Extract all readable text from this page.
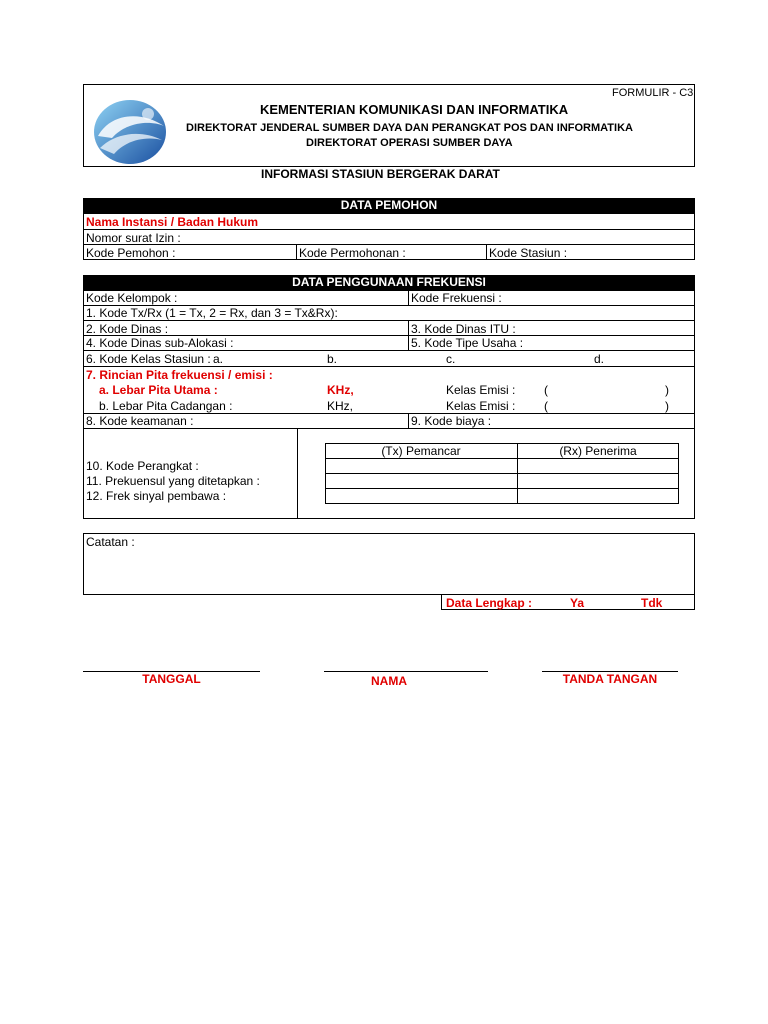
FORMULIR - C3
KEMENTERIAN KOMUNIKASI DAN INFORMATIKA
DIREKTORAT JENDERAL SUMBER DAYA DAN PERANGKAT POS DAN INFORMATIKA
DIREKTORAT OPERASI SUMBER DAYA
INFORMASI STASIUN BERGERAK DARAT
DATA PEMOHON
Nama Instansi / Badan Hukum
Nomor surat Izin :
Kode Pemohon :	Kode Permohonan :	Kode Stasiun :
DATA PENGGUNAAN FREKUENSI
Kode Kelompok :	Kode Frekuensi :
1. Kode Tx/Rx (1 = Tx, 2 = Rx, dan 3 = Tx&Rx):
2. Kode Dinas :	3. Kode Dinas ITU :
4. Kode Dinas sub-Alokasi :	5. Kode Tipe Usaha :
6. Kode Kelas Stasiun : a.	b.	c.	d.
7. Rincian Pita frekuensi / emisi :
a. Lebar Pita Utama :	KHz,	Kelas Emisi : (	)
b. Lebar Pita Cadangan :	KHz,	Kelas Emisi : (	)
8. Kode keamanan :	9. Kode biaya :
10. Kode Perangkat :
11. Prekuensul yang ditetapkan :
12. Frek sinyal pembawa :
(Tx) Pemancar	(Rx) Penerima
Catatan :
Data Lengkap :	Ya	Tdk
TANGGAL	NAMA	TANDA TANGAN
